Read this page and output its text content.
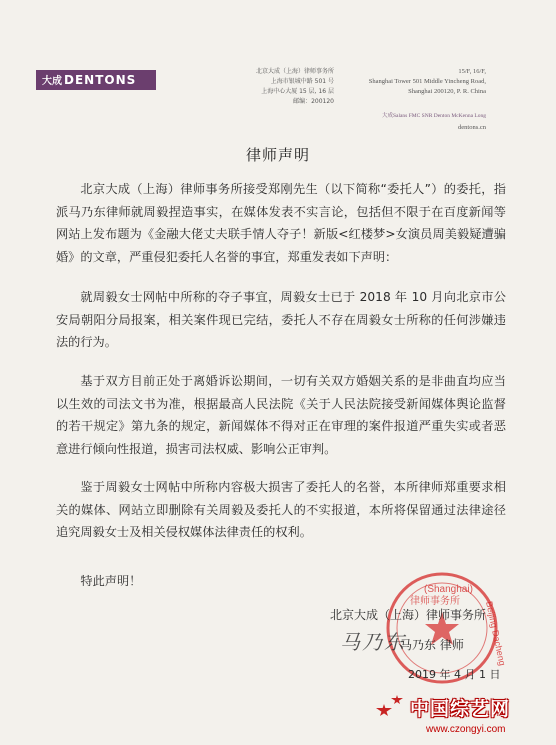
大成 DENTONS
北京大成（上海）律师事务所
上海市银城中路 501 号
上海中心大厦 15 层, 16 层
邮编：200120
15/F, 16/F,
Shanghai Tower 501 Middle Yincheng Road,
Shanghai 200120, P. R. China
大成Salans FMC SNR Denton McKenna Long
dentons.cn
律师声明

北京大成（上海）律师事务所接受郑刚先生（以下简称“委托人”）的委托，指派马乃东律师就周毅捏造事实，在媒体发表不实言论，包括但不限于在百度新闻等网站上发布题为《金融大佬丈夫联手情人夺子！新版<红楼梦>女演员周美毅疑遭骗婚》的文章，严重侵犯委托人名誉的事宜，郑重发表如下声明：

就周毅女士网帖中所称的夺子事宜，周毅女士已于 2018 年 10 月向北京市公安局朝阳分局报案，相关案件现已完结，委托人不存在周毅女士所称的任何涉嫌违法的行为。

基于双方目前正处于离婚诉讼期间，一切有关双方婚姻关系的是非曲直均应当以生效的司法文书为准，根据最高人民法院《关于人民法院接受新闻媒体舆论监督的若干规定》第九条的规定，新闻媒体不得对正在审理的案件报道严重失实或者恶意进行倾向性报道，损害司法权威、影响公正审判。

鉴于周毅女士网帖中所称内容极大损害了委托人的名誉，本所律师郑重要求相关的媒体、网站立即删除有关周毅及委托人的不实报道，本所将保留通过法律途径追究周毅女士及相关侵权媒体法律责任的权利。

特此声明！

(Shanghai)
律师事务所	Beijing Dacheng
北京大成（上海）律师事务所
马乃东
马乃东 律师
2019 年 4 月 1 日
中国综艺网
www.czongyi.com
